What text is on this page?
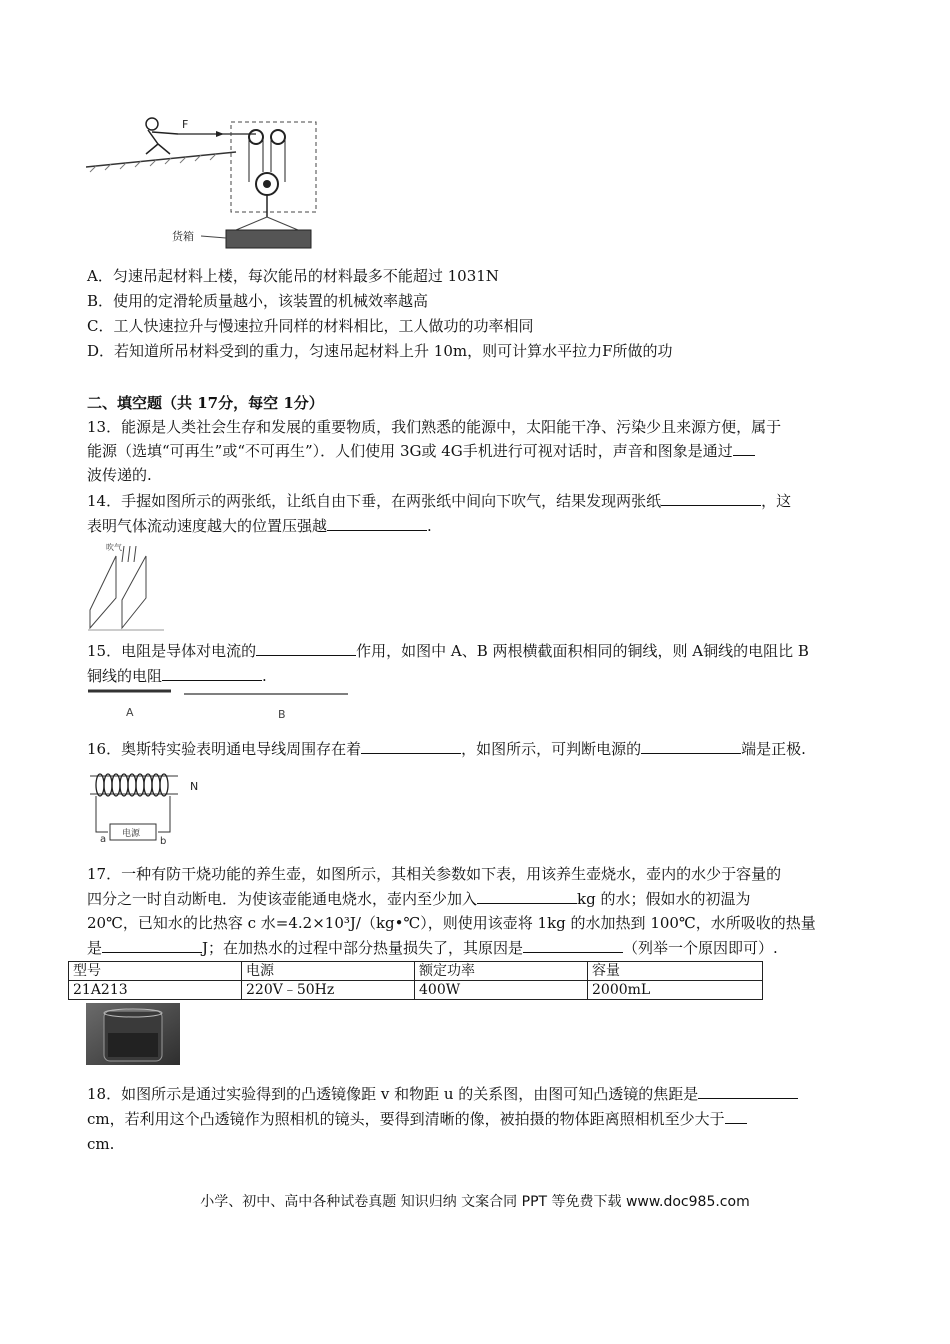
F
货箱
A．匀速吊起材料上楼，每次能吊的材料最多不能超过 1031N
B．使用的定滑轮质量越小，该装置的机械效率越高
C．工人快速拉升与慢速拉升同样的材料相比，工人做功的功率相同
D．若知道所吊材料受到的重力，匀速吊起材料上升 10m，则可计算水平拉力F所做的功
二、填空题（共 17分，每空 1分）
13．能源是人类社会生存和发展的重要物质，我们熟悉的能源中，太阳能干净、污染少且来源方便，属于
能源（选填“可再生”或“不可再生”）．人们使用 3G或 4G手机进行可视对话时，声音和图象是通过
波传递的.
14．手握如图所示的两张纸，让纸自由下垂，在两张纸中间向下吹气，结果发现两张纸	，这
表明气体流动速度越大的位置压强越	.
吹气
15．电阻是导体对电流的	作用，如图中 A、B 两根横截面积相同的铜线，则 A铜线的电阻比 B
铜线的电阻	.
A	B
16．奥斯特实验表明通电导线周围存在着	，如图所示，可判断电源的	端是正极.
N
电源
a	b
17．一种有防干烧功能的养生壶，如图所示，其相关参数如下表，用该养生壶烧水，壶内的水少于容量的
四分之一时自动断电．为使该壶能通电烧水，壶内至少加入	kg 的水；假如水的初温为
20℃，已知水的比热容 c 水=4.2×10³J/（kg•℃），则使用该壶将 1kg 的水加热到 100℃，水所吸收的热量
是	J；在加热水的过程中部分热量损失了，其原因是	（列举一个原因即可）.
型号	电源	额定功率	容量
21A213	220V﹣50Hz	400W	2000mL
18．如图所示是通过实验得到的凸透镜像距 v 和物距 u 的关系图，由图可知凸透镜的焦距是
cm，若利用这个凸透镜作为照相机的镜头，要得到清晰的像，被拍摄的物体距离照相机至少大于
cm.
小学、初中、高中各种试卷真题 知识归纳 文案合同 PPT 等免费下载 www.doc985.com
